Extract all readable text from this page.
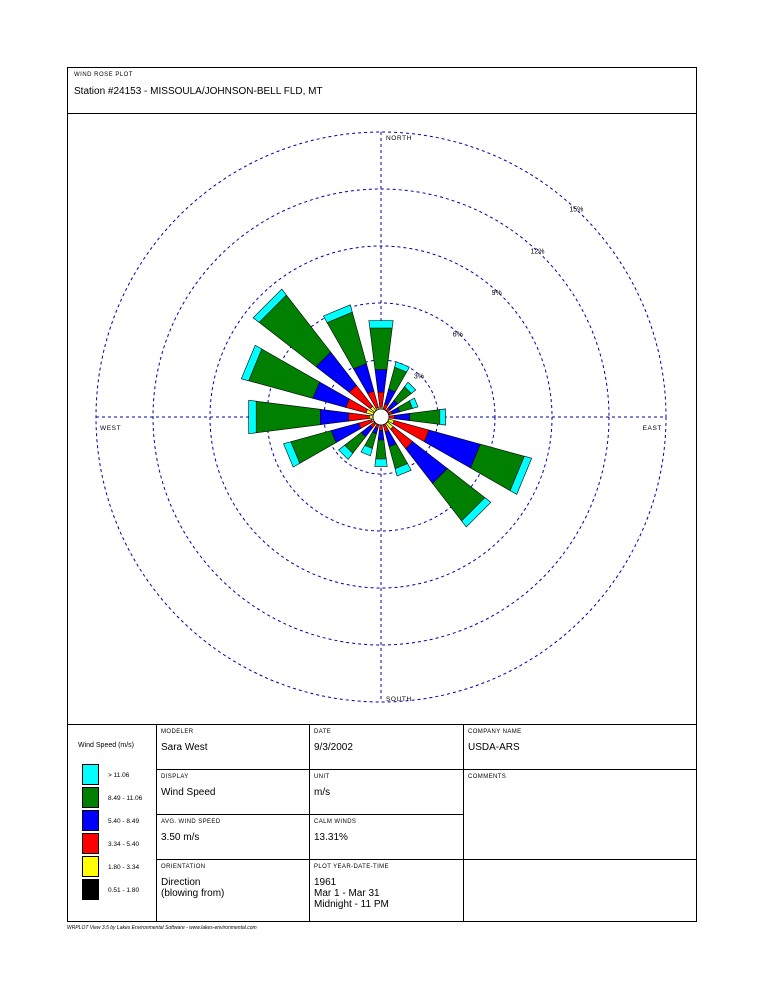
WIND ROSE PLOT
Station #24153 - MISSOULA/JOHNSON-BELL FLD, MT
3%
6%
9%
12%
15%
NORTH
SOUTH
EAST
WEST
Wind Speed (m/s)
> 11.06
8.49 - 11.06
5.40 - 8.49
3.34 - 5.40
1.80 - 3.34
0.51 - 1.80
MODELER
Sara West
DATE
9/3/2002
COMPANY NAME
USDA-ARS
DISPLAY
Wind Speed
UNIT
m/s
COMMENTS
AVG. WIND SPEED
3.50 m/s
CALM WINDS
13.31%
ORIENTATION
Direction
(blowing from)
PLOT YEAR-DATE-TIME
1961
Mar 1 - Mar 31
Midnight - 11 PM
WRPLOT View 3.5 by Lakes Environmental Software - www.lakes-environmental.com
